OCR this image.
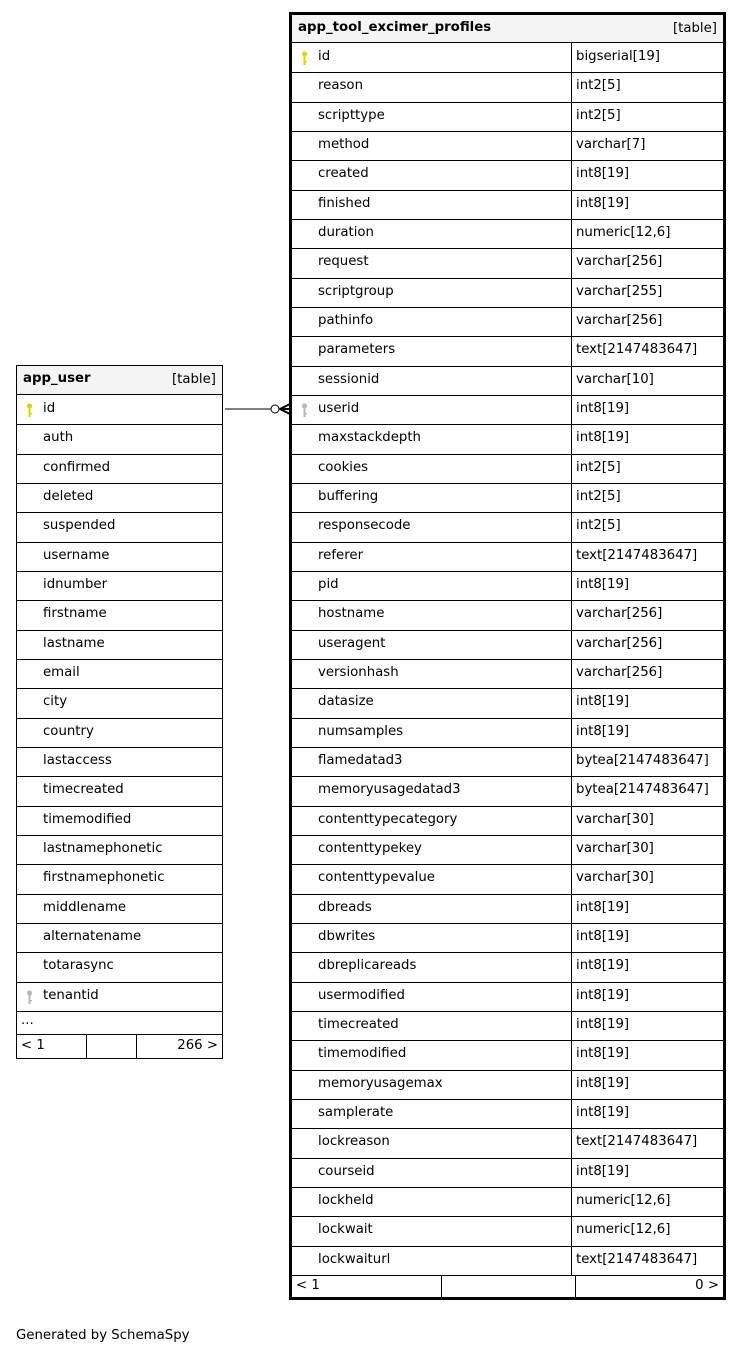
app_user	[table]
id
auth
confirmed
deleted
suspended
username
idnumber
firstname
lastname
email
city
country
lastaccess
timecreated
timemodified
lastnamephonetic
firstnamephonetic
middlename
alternatename
totarasync
tenantid
...
< 1	266 >
app_tool_excimer_profiles	[table]
id	bigserial[19]
reason	int2[5]
scripttype	int2[5]
method	varchar[7]
created	int8[19]
finished	int8[19]
duration	numeric[12,6]
request	varchar[256]
scriptgroup	varchar[255]
pathinfo	varchar[256]
parameters	text[2147483647]
sessionid	varchar[10]
userid	int8[19]
maxstackdepth	int8[19]
cookies	int2[5]
buffering	int2[5]
responsecode	int2[5]
referer	text[2147483647]
pid	int8[19]
hostname	varchar[256]
useragent	varchar[256]
versionhash	varchar[256]
datasize	int8[19]
numsamples	int8[19]
flamedatad3	bytea[2147483647]
memoryusagedatad3	bytea[2147483647]
contenttypecategory	varchar[30]
contenttypekey	varchar[30]
contenttypevalue	varchar[30]
dbreads	int8[19]
dbwrites	int8[19]
dbreplicareads	int8[19]
usermodified	int8[19]
timecreated	int8[19]
timemodified	int8[19]
memoryusagemax	int8[19]
samplerate	int8[19]
lockreason	text[2147483647]
courseid	int8[19]
lockheld	numeric[12,6]
lockwait	numeric[12,6]
lockwaiturl	text[2147483647]
< 1	0 >
Generated by SchemaSpy
